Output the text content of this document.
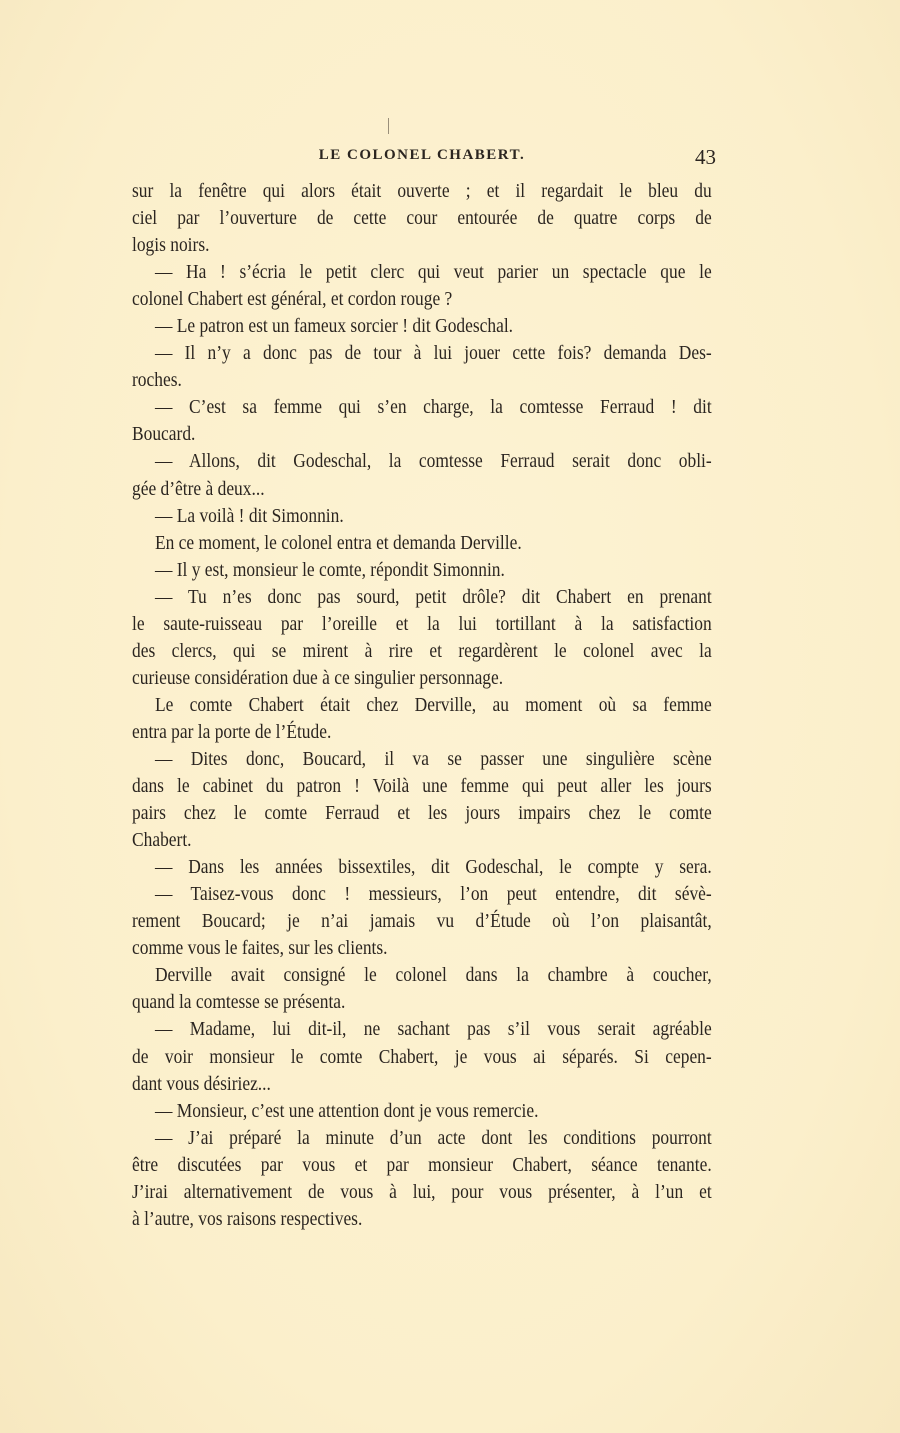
LE COLONEL CHABERT.	43
sur la fenêtre qui alors était ouverte ; et il regardait le bleu du
ciel par l’ouverture de cette cour entourée de quatre corps de
logis noirs.
— Ha ! s’écria le petit clerc qui veut parier un spectacle que le
colonel Chabert est général, et cordon rouge ?
— Le patron est un fameux sorcier ! dit Godeschal.
— Il n’y a donc pas de tour à lui jouer cette fois? demanda Des-
roches.
— C’est sa femme qui s’en charge, la comtesse Ferraud ! dit
Boucard.
— Allons, dit Godeschal, la comtesse Ferraud serait donc obli-
gée d’être à deux...
— La voilà ! dit Simonnin.
En ce moment, le colonel entra et demanda Derville.
— Il y est, monsieur le comte, répondit Simonnin.
— Tu n’es donc pas sourd, petit drôle? dit Chabert en prenant
le saute-ruisseau par l’oreille et la lui tortillant à la satisfaction
des clercs, qui se mirent à rire et regardèrent le colonel avec la
curieuse considération due à ce singulier personnage.
Le comte Chabert était chez Derville, au moment où sa femme
entra par la porte de l’Étude.
— Dites donc, Boucard, il va se passer une singulière scène
dans le cabinet du patron ! Voilà une femme qui peut aller les jours
pairs chez le comte Ferraud et les jours impairs chez le comte
Chabert.
— Dans les années bissextiles, dit Godeschal, le compte y sera.
— Taisez-vous donc ! messieurs, l’on peut entendre, dit sévè-
rement Boucard; je n’ai jamais vu d’Étude où l’on plaisantât,
comme vous le faites, sur les clients.
Derville avait consigné le colonel dans la chambre à coucher,
quand la comtesse se présenta.
— Madame, lui dit-il, ne sachant pas s’il vous serait agréable
de voir monsieur le comte Chabert, je vous ai séparés. Si cepen-
dant vous désiriez...
— Monsieur, c’est une attention dont je vous remercie.
— J’ai préparé la minute d’un acte dont les conditions pourront
être discutées par vous et par monsieur Chabert, séance tenante.
J’irai alternativement de vous à lui, pour vous présenter, à l’un et
à l’autre, vos raisons respectives.
